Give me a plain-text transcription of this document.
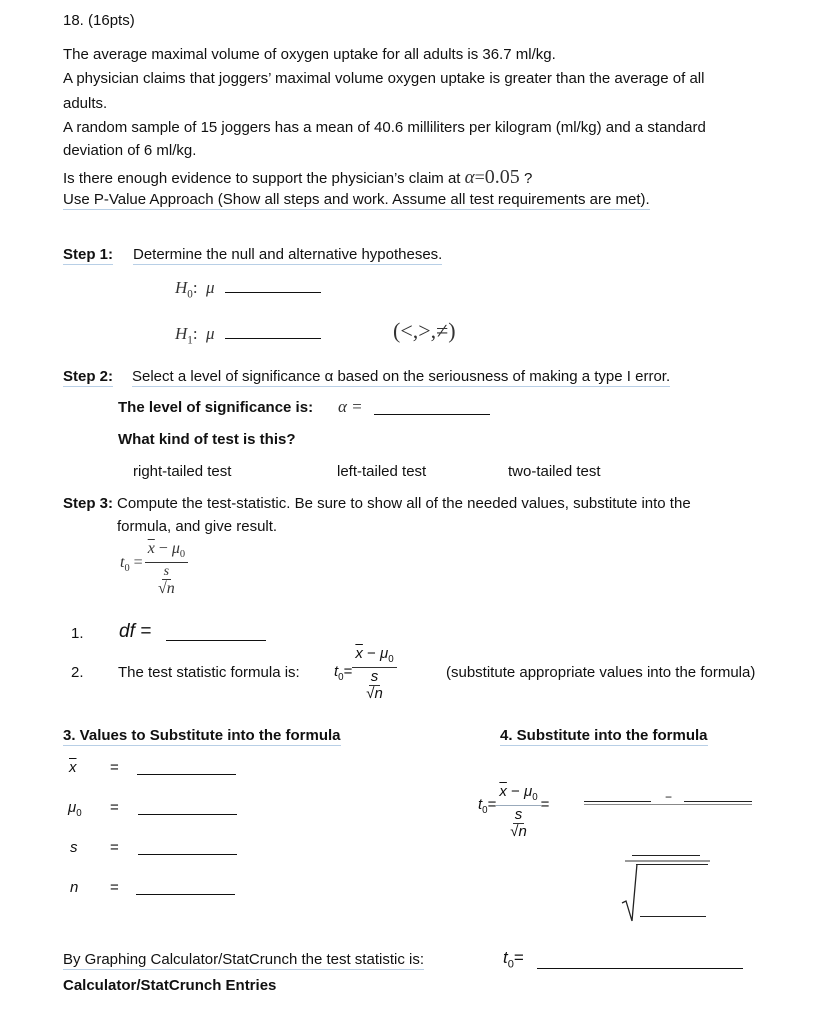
18. (16pts)
The average maximal volume of oxygen uptake for all adults is 36.7 ml/kg.
A physician claims that joggers’ maximal volume oxygen uptake is greater than the average of all
adults.
A random sample of 15 joggers has a mean of 40.6 milliliters per kilogram (ml/kg) and a standard
deviation of 6 ml/kg.
Is there enough evidence to support the physician’s claim at α=0.05 ?
Use P-Value Approach (Show all steps and work. Assume all test requirements are met).
Step 1: Determine the null and alternative hypotheses.
$H_0$: μ
$H_1$: μ	(<,>,≠)
Step 2: Select a level of significance α based on the seriousness of making a type I error.
The level of significance is: α =
What kind of test is this?
right-tailed test	left-tailed test	two-tailed test
Step 3: Compute the test-statistic. Be sure to show all of the needed values, substitute into the
formula, and give result.
$t_0 = \overline{x} - \mu_0$
s
√n
1. df =
2. The test statistic formula is: $t_0= \overline{x} - \mu_0$
s
√n	(substitute appropriate values into the formula)
3. Values to Substitute into the formula
$\overline{x}$ =
$\mu_0$ =
s =
n =
4. Substitute into the formula
$t_0= \overline{x} - \mu_0$
s
√n =	−
By Graphing Calculator/StatCrunch the test statistic is:	$t_0=$
Calculator/StatCrunch Entries
